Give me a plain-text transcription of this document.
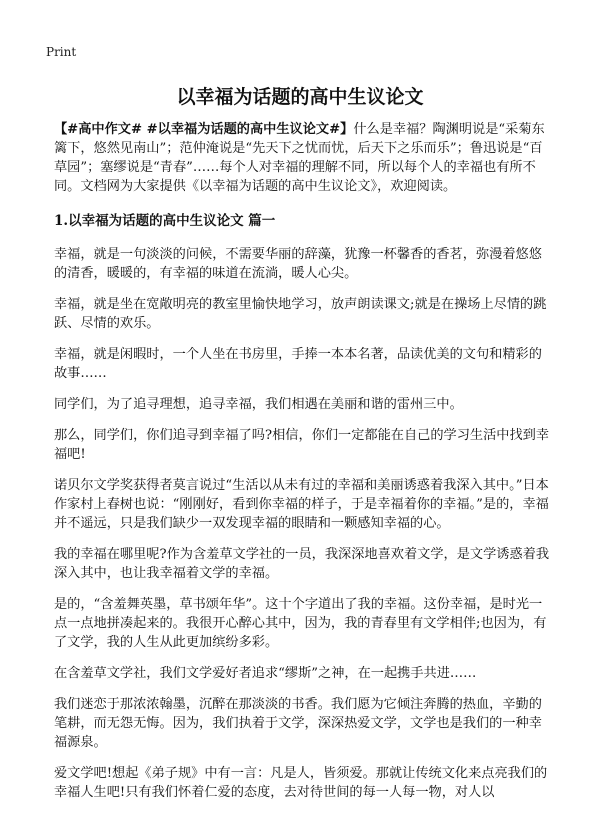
Print
以幸福为话题的高中生议论文

【#高中作文# #以幸福为话题的高中生议论文#】什么是幸福？陶渊明说是“采菊东篱下，悠然见南山”；范仲淹说是“先天下之忧而忧，后天下之乐而乐”；鲁迅说是“百草园”；塞缪说是“青春”……每个人对幸福的理解不同，所以每个人的幸福也有所不同。文档网为大家提供《以幸福为话题的高中生议论文》，欢迎阅读。

1.以幸福为话题的高中生议论文 篇一

幸福，就是一句淡淡的问候，不需要华丽的辞藻，犹豫一杯馨香的香茗，弥漫着悠悠的清香，暖暖的，有幸福的味道在流淌，暖人心尖。

幸福，就是坐在宽敞明亮的教室里愉快地学习，放声朗读课文;就是在操场上尽情的跳跃、尽情的欢乐。

幸福，就是闲暇时，一个人坐在书房里，手捧一本本名著，品读优美的文句和精彩的故事……

同学们，为了追寻理想，追寻幸福，我们相遇在美丽和谐的雷州三中。

那么，同学们，你们追寻到幸福了吗?相信，你们一定都能在自己的学习生活中找到幸福吧!

诺贝尔文学奖获得者莫言说过“生活以从未有过的幸福和美丽诱惑着我深入其中。”日本作家村上春树也说：“刚刚好，看到你幸福的样子，于是幸福着你的幸福。”是的，幸福并不遥远，只是我们缺少一双发现幸福的眼睛和一颗感知幸福的心。

我的幸福在哪里呢?作为含羞草文学社的一员，我深深地喜欢着文学，是文学诱惑着我深入其中，也让我幸福着文学的幸福。

是的，“含羞舞英墨，草书颂年华”。这十个字道出了我的幸福。这份幸福，是时光一点一点地拼凑起来的。我很开心醉心其中，因为，我的青春里有文学相伴;也因为，有了文学，我的人生从此更加缤纷多彩。

在含羞草文学社，我们文学爱好者追求“缪斯”之神，在一起携手共进……

我们迷恋于那浓浓翰墨，沉醉在那淡淡的书香。我们愿为它倾注奔腾的热血，辛勤的笔耕，而无怨无悔。因为，我们执着于文学，深深热爱文学，文学也是我们的一种幸福源泉。

爱文学吧!想起《弟子规》中有一言：凡是人，皆须爱。那就让传统文化来点亮我们的幸福人生吧!只有我们怀着仁爱的态度，去对待世间的每一人每一物，对人以
